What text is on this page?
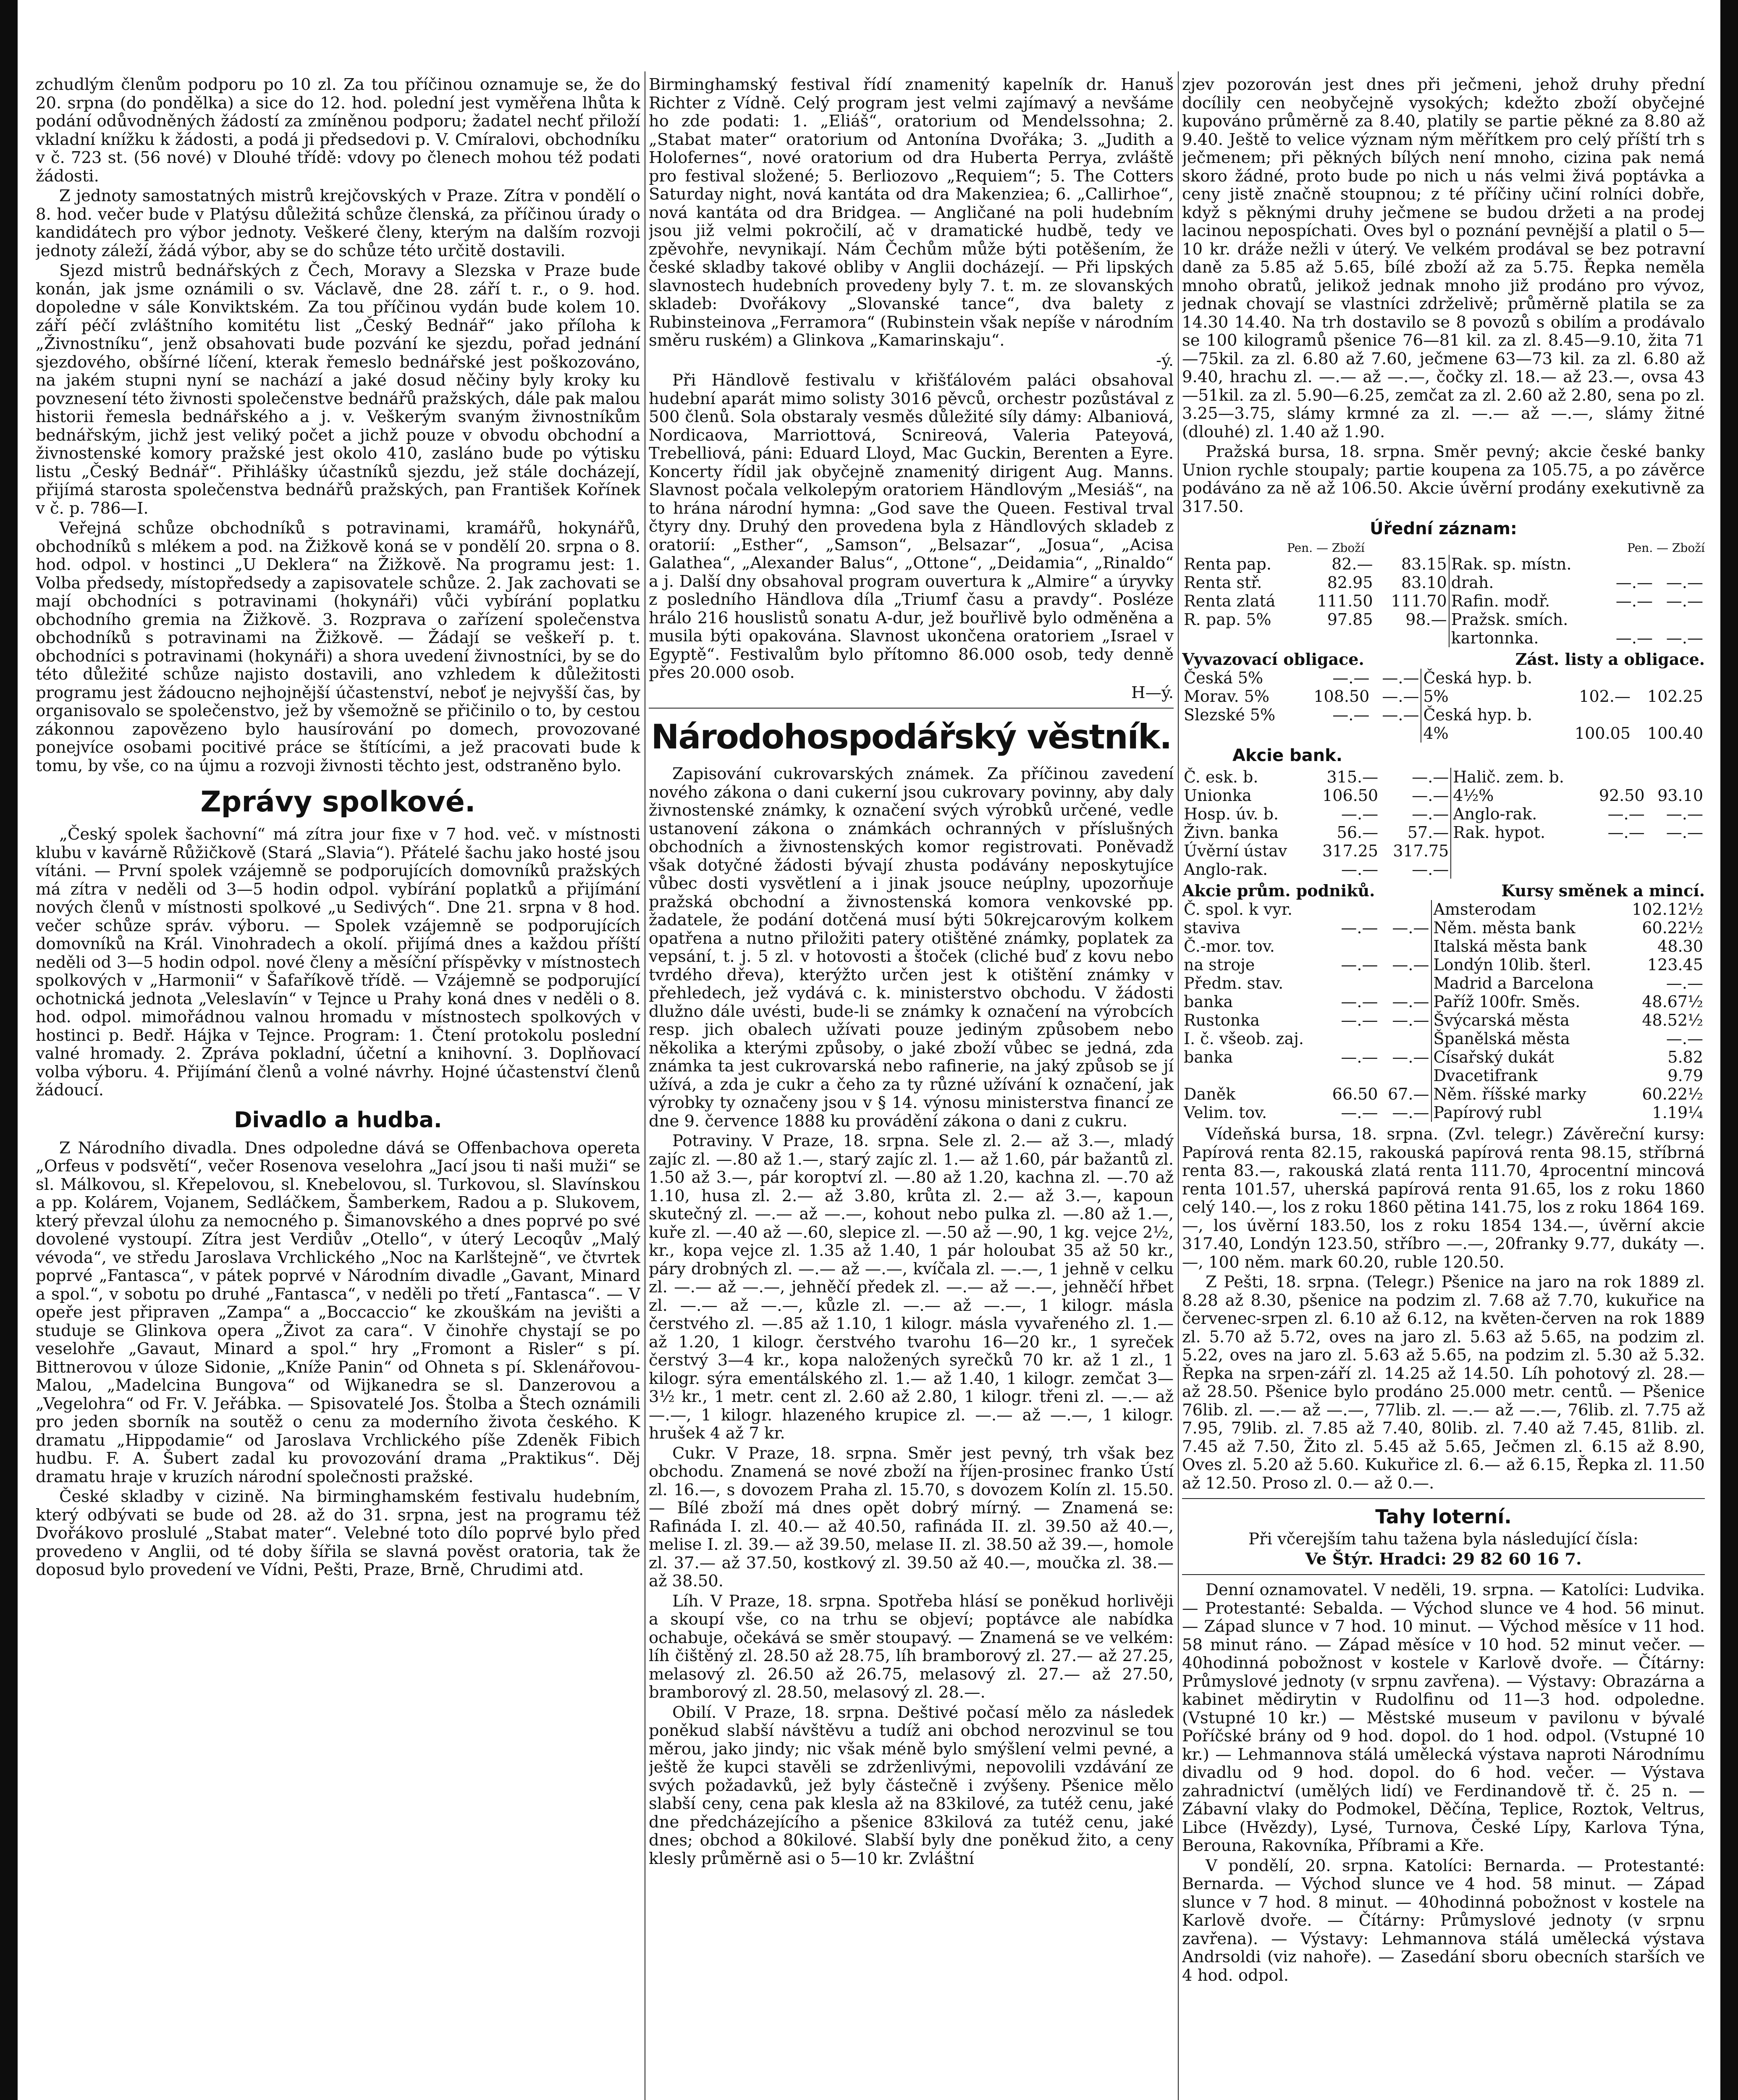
zchudlým členům podporu po 10 zl. Za tou příčinou oznamuje se, že do 20. srpna (do pondělka) a sice do 12. hod. polední jest vyměřena lhůta k podání odůvodněných žádostí za zmíněnou podporu; žadatel nechť přiloží vkladní knížku k žádosti, a podá ji předsedovi p. V. Cmíralovi, obchodníku v č. 723 st. (56 nové) v Dlouhé třídě: vdovy po členech mohou též podati žádosti.

Z jednoty samostatných mistrů krejčovských v Praze. Zítra v pondělí o 8. hod. večer bude v Platýsu důležitá schůze členská, za příčinou úrady o kandidátech pro výbor jednoty. Veškeré členy, kterým na dalším rozvoji jednoty záleží, žádá výbor, aby se do schůze této určitě dostavili.

Sjezd mistrů bednářských z Čech, Moravy a Slezska v Praze bude konán, jak jsme oznámili o sv. Václavě, dne 28. září t. r., o 9. hod. dopoledne v sále Konviktském. Za tou příčinou vydán bude kolem 10. září péčí zvláštního komitétu list „Český Bednář“ jako příloha k „Živnostníku“, jenž obsahovati bude pozvání ke sjezdu, pořad jednání sjezdového, obšírné líčení, kterak řemeslo bednářské jest poškozováno, na jakém stupni nyní se nachází a jaké dosud něčiny byly kroky ku povznesení této živnosti společenstve bednářů pražských, dále pak malou historii řemesla bednářského a j. v. Veškerým svaným živnostníkům bednářským, jichž jest veliký počet a jichž pouze v obvodu obchodní a živnostenské komory pražské jest okolo 410, zasláno bude po výtisku listu „Český Bednář“. Přihlášky účastníků sjezdu, jež stále docházejí, přijímá starosta společenstva bednářů pražských, pan František Kořínek v č. p. 786—I.

Veřejná schůze obchodníků s potravinami, kramářů, hokynářů, obchodníků s mlékem a pod. na Žižkově koná se v pondělí 20. srpna o 8. hod. odpol. v hostinci „U Deklera“ na Žižkově. Na programu jest: 1. Volba předsedy, místopředsedy a zapisovatele schůze. 2. Jak zachovati se mají obchodníci s potravinami (hokynáři) vůči vybírání poplatku obchodního gremia na Žižkově. 3. Rozprava o zařízení společenstva obchodníků s potravinami na Žižkově. — Žádají se veškeří p. t. obchodníci s potravinami (hokynáři) a shora uvedení živnostníci, by se do této důležité schůze najisto dostavili, ano vzhledem k důležitosti programu jest žádoucno nejhojnější účastenství, neboť je nejvyšší čas, by organisovalo se společenstvo, jež by všemožně se přičinilo o to, by cestou zákonnou zapovězeno bylo hausírování po domech, provozované ponejvíce osobami pocitivé práce se štítícími, a jež pracovati bude k tomu, by vše, co na újmu a rozvoji živnosti těchto jest, odstraněno bylo.

Zprávy spolkové.

„Český spolek šachovní“ má zítra jour fixe v 7 hod. več. v místnosti klubu v kavárně Růžičkově (Stará „Slavia“). Přátelé šachu jako hosté jsou vítáni. — První spolek vzájemně se podporujících domovníků pražských má zítra v neděli od 3—5 hodin odpol. vybírání poplatků a přijímání nových členů v místnosti spolkové „u Sedivých“. Dne 21. srpna v 8 hod. večer schůze správ. výboru. — Spolek vzájemně se podporujících domovníků na Král. Vinohradech a okolí. přijímá dnes a každou příští neděli od 3—5 hodin odpol. nové členy a měsíční příspěvky v místnostech spolkových v „Harmonii“ v Šafaříkově třídě. — Vzájemně se podporující ochotnická jednota „Veleslavín“ v Tejnce u Prahy koná dnes v neděli o 8. hod. odpol. mimořádnou valnou hromadu v místnostech spolkových v hostinci p. Bedř. Hájka v Tejnce. Program: 1. Čtení protokolu poslední valné hromady. 2. Zpráva pokladní, účetní a knihovní. 3. Doplňovací volba výboru. 4. Přijímání členů a volné návrhy. Hojné účastenství členů žádoucí.

Divadlo a hudba.

Z Národního divadla. Dnes odpoledne dává se Offenbachova opereta „Orfeus v podsvětí“, večer Rosenova veselohra „Jací jsou ti naši muži“ se sl. Málkovou, sl. Křepelovou, sl. Knebelovou, sl. Turkovou, sl. Slavínskou a pp. Kolárem, Vojanem, Sedláčkem, Šamberkem, Radou a p. Slukovem, který převzal úlohu za nemocného p. Šimanovského a dnes poprvé po své dovolené vystoupí. Zítra jest Verdiův „Otello“, v úterý Lecoqův „Malý vévoda“, ve středu Jaroslava Vrchlického „Noc na Karlštejně“, ve čtvrtek poprvé „Fantasca“, v pátek poprvé v Národním divadle „Gavant, Minard a spol.“, v sobotu po druhé „Fantasca“, v neděli po třetí „Fantasca“. — V opeře jest připraven „Zampa“ a „Boccaccio“ ke zkouškám na jevišti a studuje se Glinkova opera „Život za cara“. V činohře chystají se po veselohře „Gavaut, Minard a spol.“ hry „Fromont a Risler“ s pí. Bittnerovou v úloze Sidonie, „Kníže Panin“ od Ohneta s pí. Sklenářovou-Malou, „Madelcina Bungova“ od Wijkanedra se sl. Danzerovou a „Vegelohra“ od Fr. V. Jeřábka. — Spisovatelé Jos. Štolba a Štech oznámili pro jeden sborník na soutěž o cenu za moderního života českého. K dramatu „Hippodamie“ od Jaroslava Vrchlického píše Zdeněk Fibich hudbu. F. A. Šubert zadal ku provozování drama „Praktikus“. Děj dramatu hraje v kruzích národní společnosti pražské.

České skladby v cizině. Na birminghamském festivalu hudebním, který odbývati se bude od 28. až do 31. srpna, jest na programu též Dvořákovo proslulé „Stabat mater“. Velebné toto dílo poprvé bylo před provedeno v Anglii, od té doby šířila se slavná pověst oratoria, tak že doposud bylo provedení ve Vídni, Pešti, Praze, Brně, Chrudimi atd.

Birminghamský festival řídí znamenitý kapelník dr. Hanuš Richter z Vídně. Celý program jest velmi zajímavý a nevšáme ho zde podati: 1. „Eliáš“, oratorium od Mendelssohna; 2. „Stabat mater“ oratorium od Antonína Dvořáka; 3. „Judith a Holofernes“, nové oratorium od dra Huberta Perrya, zvláště pro festival složené; 5. Berliozovo „Requiem“; 5. The Cotters Saturday night, nová kantáta od dra Makenziea; 6. „Callirhoe“, nová kantáta od dra Bridgea. — Angličané na poli hudebním jsou již velmi pokročilí, ač v dramatické hudbě, tedy ve zpěvohře, nevynikají. Nám Čechům může býti potěšením, že české skladby takové obliby v Anglii docházejí. — Při lipských slavnostech hudebních provedeny byly 7. t. m. ze slovanských skladeb: Dvořákovy „Slovanské tance“, dva balety z Rubinsteinova „Ferramora“ (Rubinstein však nepíše v národním směru ruském) a Glinkova „Kamarinskaju“.

-ý.

Při Händlově festivalu v křišťálovém paláci obsahoval hudební aparát mimo solisty 3016 pěvců, orchestr pozůstával z 500 členů. Sola obstaraly vesměs důležité síly dámy: Albaniová, Nordicaova, Marriottová, Scnireová, Valeria Pateyová, Trebelliová, páni: Eduard Lloyd, Mac Guckin, Berenten a Eyre. Koncerty řídil jak obyčejně znamenitý dirigent Aug. Manns. Slavnost počala velkolepým oratoriem Händlovým „Mesiáš“, na to hrána národní hymna: „God save the Queen. Festival trval čtyry dny. Druhý den provedena byla z Händlových skladeb z oratorií: „Esther“, „Samson“, „Belsazar“, „Josua“, „Acisa Galathea“, „Alexander Balus“, „Ottone“, „Deidamia“, „Rinaldo“ a j. Další dny obsahoval program ouvertura k „Almire“ a úryvky z posledního Händlova díla „Triumf času a pravdy“. Posléze hrálo 216 houslistů sonatu A-dur, jež bouřlivě bylo odměněna a musila býti opakována. Slavnost ukončena oratoriem „Israel v Egyptě“. Festivalům bylo přítomno 86.000 osob, tedy denně přes 20.000 osob.

H—ý.

Národohospodářský věstník.

Zapisování cukrovarských známek. Za příčinou zavedení nového zákona o dani cukerní jsou cukrovary povinny, aby daly živnostenské známky, k označení svých výrobků určené, vedle ustanovení zákona o známkách ochranných v příslušných obchodních a živnostenských komor registrovati. Poněvadž však dotyčné žádosti bývají zhusta podávány neposkytujíce vůbec dosti vysvětlení a i jinak jsouce neúplny, upozorňuje pražská obchodní a živnostenská komora venkovské pp. žadatele, že podání dotčená musí býti 50krejcarovým kolkem opatřena a nutno přiložiti patery otištěné známky, poplatek za vepsání, t. j. 5 zl. v hotovosti a štoček (cliché buď z kovu nebo tvrdého dřeva), kterýžto určen jest k otištění známky v přehledech, jež vydává c. k. ministerstvo obchodu. V žádosti dlužno dále uvésti, bude-li se známky k označení na výrobcích resp. jich obalech užívati pouze jediným způsobem nebo několika a kterými způsoby, o jaké zboží vůbec se jedná, zda známka ta jest cukrovarská nebo rafinerie, na jaký způsob se jí užívá, a zda je cukr a čeho za ty různé užívání k označení, jak výrobky ty označeny jsou v § 14. výnosu ministerstva financí ze dne 9. července 1888 ku provádění zákona o dani z cukru.

Potraviny. V Praze, 18. srpna. Sele zl. 2.— až 3.—, mladý zajíc zl. —.80 až 1.—, starý zajíc zl. 1.— až 1.60, pár bažantů zl. 1.50 až 3.—, pár koroptví zl. —.80 až 1.20, kachna zl. —.70 až 1.10, husa zl. 2.— až 3.80, krůta zl. 2.— až 3.—, kapoun skutečný zl. —.— až —.—, kohout nebo pulka zl. —.80 až 1.—, kuře zl. —.40 až —.60, slepice zl. —.50 až —.90, 1 kg. vejce 2½, kr., kopa vejce zl. 1.35 až 1.40, 1 pár holoubat 35 až 50 kr., páry drobných zl. —.— až —.—, kvíčala zl. —.—, 1 jehně v celku zl. —.— až —.—, jehněčí předek zl. —.— až —.—, jehněčí hřbet zl. —.— až —.—, kůzle zl. —.— až —.—, 1 kilogr. másla čerstvého zl. —.85 až 1.10, 1 kilogr. másla vyvařeného zl. 1.— až 1.20, 1 kilogr. čerstvého tvarohu 16—20 kr., 1 syreček čerstvý 3—4 kr., kopa naložených syrečků 70 kr. až 1 zl., 1 kilogr. sýra ementálského zl. 1.— až 1.40, 1 kilogr. zemčat 3—3½ kr., 1 metr. cent zl. 2.60 až 2.80, 1 kilogr. třeni zl. —.— až —.—, 1 kilogr. hlazeného krupice zl. —.— až —.—, 1 kilogr. hrušek 4 až 7 kr.

Cukr. V Praze, 18. srpna. Směr jest pevný, trh však bez obchodu. Znamená se nové zboží na říjen-prosinec franko Ústí zl. 16.—, s dovozem Praha zl. 15.70, s dovozem Kolín zl. 15.50. — Bílé zboží má dnes opět dobrý mírný. — Znamená se: Rafináda I. zl. 40.— až 40.50, rafináda II. zl. 39.50 až 40.—, melise I. zl. 39.— až 39.50, melase II. zl. 38.50 až 39.—, homole zl. 37.— až 37.50, kostkový zl. 39.50 až 40.—, moučka zl. 38.— až 38.50.

Líh. V Praze, 18. srpna. Spotřeba hlásí se poněkud horlivěji a skoupí vše, co na trhu se objeví; poptávce ale nabídka ochabuje, očekává se směr stoupavý. — Znamená se ve velkém: líh čištěný zl. 28.50 až 28.75, líh bramborový zl. 27.— až 27.25, melasový zl. 26.50 až 26.75, melasový zl. 27.— až 27.50, bramborový zl. 28.50, melasový zl. 28.—.

Obilí. V Praze, 18. srpna. Deštivé počasí mělo za následek poněkud slabší návštěvu a tudíž ani obchod nerozvinul se tou měrou, jako jindy; nic však méně bylo smýšlení velmi pevné, a ještě že kupci stavěli se zdrženlivými, nepovolili vzdávání ze svých požadavků, jež byly částečně i zvýšeny. Pšenice mělo slabší ceny, cena pak klesla až na 83kilové, za tutéž cenu, jaké dne předcházejícího a pšenice 83kilová za tutéž cenu, jaké dnes; obchod a 80kilové. Slabší byly dne poněkud žito, a ceny klesly průměrně asi o 5—10 kr. Zvláštní

zjev pozorován jest dnes při ječmeni, jehož druhy přední docílily cen neobyčejně vysokých; kdežto zboží obyčejné kupováno průměrně za 8.40, platily se partie pěkné za 8.80 až 9.40. Ještě to velice význam ným měřítkem pro celý příští trh s ječmenem; při pěkných bílých není mnoho, cizina pak nemá skoro žádné, proto bude po nich u nás velmi živá poptávka a ceny jistě značně stoupnou; z té příčiny učiní rolníci dobře, když s pěknými druhy ječmene se budou držeti a na prodej lacinou nepospíchati. Oves byl o poznání pevnější a platil o 5—10 kr. dráže nežli v úterý. Ve velkém prodával se bez potravní daně za 5.85 až 5.65, bílé zboží až za 5.75. Řepka neměla mnoho obratů, jelikož jednak mnoho již prodáno pro vývoz, jednak chovají se vlastníci zdrželivě; průměrně platila se za 14.30 14.40. Na trh dostavilo se 8 povozů s obilím a prodávalo se 100 kilogramů pšenice 76—81 kil. za zl. 8.45—9.10, žita 71—75kil. za zl. 6.80 až 7.60, ječmene 63—73 kil. za zl. 6.80 až 9.40, hrachu zl. —.— až —.—, čočky zl. 18.— až 23.—, ovsa 43—51kil. za zl. 5.90—6.25, zemčat za zl. 2.60 až 2.80, sena po zl. 3.25—3.75, slámy krmné za zl. —.— až —.—, slámy žitné (dlouhé) zl. 1.40 až 1.90.

Pražská bursa, 18. srpna. Směr pevný; akcie české banky Union rychle stoupaly; partie koupena za 105.75, a po závěrce podáváno za ně až 106.50. Akcie úvěrní prodány exekutivně za 317.50.

Úřední záznam:
Pen. — Zboží	Pen. — Zboží
Renta pap.	82.—	83.15	Rak. sp. místn.		
Renta stř.	82.95	83.10	drah.	—.—	—.—
Renta zlatá	111.50	111.70	Rafin. modř.	—.—	—.—
R. pap. 5%	97.85	98.—	Pražsk. smích.		
			kartonnka.	—.—	—.—
Vyvazovací obligace.	Zást. listy a obligace.
Česká 5%	—.—	—.—	Česká hyp. b.		
Morav. 5%	108.50	—.—	5%	102.—	102.25
Slezské 5%	—.—	—.—	Česká hyp. b.		
			4%	100.05	100.40
Akcie bank.
Č. esk. b.	315.—	—.—	Halič. zem. b.		
Unionka	106.50	—.—	4½%	92.50	93.10
Hosp. úv. b.	—.—	—.—	Anglo-rak.	—.—	—.—
Živn. banka	56.—	57.—	Rak. hypot.	—.—	—.—
Úvěrní ústav	317.25	317.75			
Anglo-rak.	—.—	—.—			
Akcie prům. podniků.	Kursy směnek a mincí.
Č. spol. k vyr.			Amsterodam	102.12½
staviva	—.—	—.—	Něm. města bank	60.22½
Č.-mor. tov.			Italská města bank	48.30
na stroje	—.—	—.—	Londýn 10lib. šterl.	123.45
Předm. stav.			Madrid a Barcelona	—.—
banka	—.—	—.—	Paříž 100fr. Směs.	48.67½
Rustonka	—.—	—.—	Švýcarská města	48.52½
I. č. všeob. zaj.			Španělská města	—.—
banka	—.—	—.—	Císařský dukát	5.82
			Dvacetifrank	9.79
Daněk	66.50	67.—	Něm. říšské marky	60.22½
Velim. tov.	—.—	—.—	Papírový rubl	1.19¼

Vídeňská bursa, 18. srpna. (Zvl. telegr.) Závěreční kursy: Papírová renta 82.15, rakouská papírová renta 98.15, stříbrná renta 83.—, rakouská zlatá renta 111.70, 4procentní mincová renta 101.57, uherská papírová renta 91.65, los z roku 1860 celý 140.—, los z roku 1860 pětina 141.75, los z roku 1864 169.—, los úvěrní 183.50, los z roku 1854 134.—, úvěrní akcie 317.40, Londýn 123.50, stříbro —.—, 20franky 9.77, dukáty —.—, 100 něm. mark 60.20, ruble 120.50.

Z Pešti, 18. srpna. (Telegr.) Pšenice na jaro na rok 1889 zl. 8.28 až 8.30, pšenice na podzim zl. 7.68 až 7.70, kukuřice na červenec-srpen zl. 6.10 až 6.12, na květen-červen na rok 1889 zl. 5.70 až 5.72, oves na jaro zl. 5.63 až 5.65, na podzim zl. 5.22, oves na jaro zl. 5.63 až 5.65, na podzim zl. 5.30 až 5.32. Řepka na srpen-září zl. 14.25 až 14.50. Líh pohotový zl. 28.— až 28.50. Pšenice bylo prodáno 25.000 metr. centů. — Pšenice 76lib. zl. —.— až —.—, 77lib. zl. —.— až —.—, 76lib. zl. 7.75 až 7.95, 79lib. zl. 7.85 až 7.40, 80lib. zl. 7.40 až 7.45, 81lib. zl. 7.45 až 7.50, Žito zl. 5.45 až 5.65, Ječmen zl. 6.15 až 8.90, Oves zl. 5.20 až 5.60. Kukuřice zl. 6.— až 6.15, Řepka zl. 11.50 až 12.50. Proso zl. 0.— až 0.—.

Tahy loterní.

Při včerejším tahu tažena byla následující čísla:

Ve Štýr. Hradci: 29 82 60 16 7.

Denní oznamovatel. V neděli, 19. srpna. — Katolíci: Ludvika. — Protestanté: Sebalda. — Východ slunce ve 4 hod. 56 minut. — Západ slunce v 7 hod. 10 minut. — Východ měsíce v 11 hod. 58 minut ráno. — Západ měsíce v 10 hod. 52 minut večer. — 40hodinná pobožnost v kostele v Karlově dvoře. — Čítárny: Průmyslové jednoty (v srpnu zavřena). — Výstavy: Obrazárna a kabinet mědirytin v Rudolfinu od 11—3 hod. odpoledne. (Vstupné 10 kr.) — Městské museum v pavilonu v bývalé Poříčské brány od 9 hod. dopol. do 1 hod. odpol. (Vstupné 10 kr.) — Lehmannova stálá umělecká výstava naproti Národnímu divadlu od 9 hod. dopol. do 6 hod. večer. — Výstava zahradnictví (umělých lidí) ve Ferdinandově tř. č. 25 n. — Zábavní vlaky do Podmokel, Děčína, Teplice, Roztok, Veltrus, Libce (Hvězdy), Lysé, Turnova, České Lípy, Karlova Týna, Berouna, Rakovníka, Příbrami a Kře.

V pondělí, 20. srpna. Katolíci: Bernarda. — Protestanté: Bernarda. — Východ slunce ve 4 hod. 58 minut. — Západ slunce v 7 hod. 8 minut. — 40hodinná pobožnost v kostele na Karlově dvoře. — Čítárny: Průmyslové jednoty (v srpnu zavřena). — Výstavy: Lehmannova stálá umělecká výstava Andrsoldi (viz nahoře). — Zasedání sboru obecních starších ve 4 hod. odpol.
